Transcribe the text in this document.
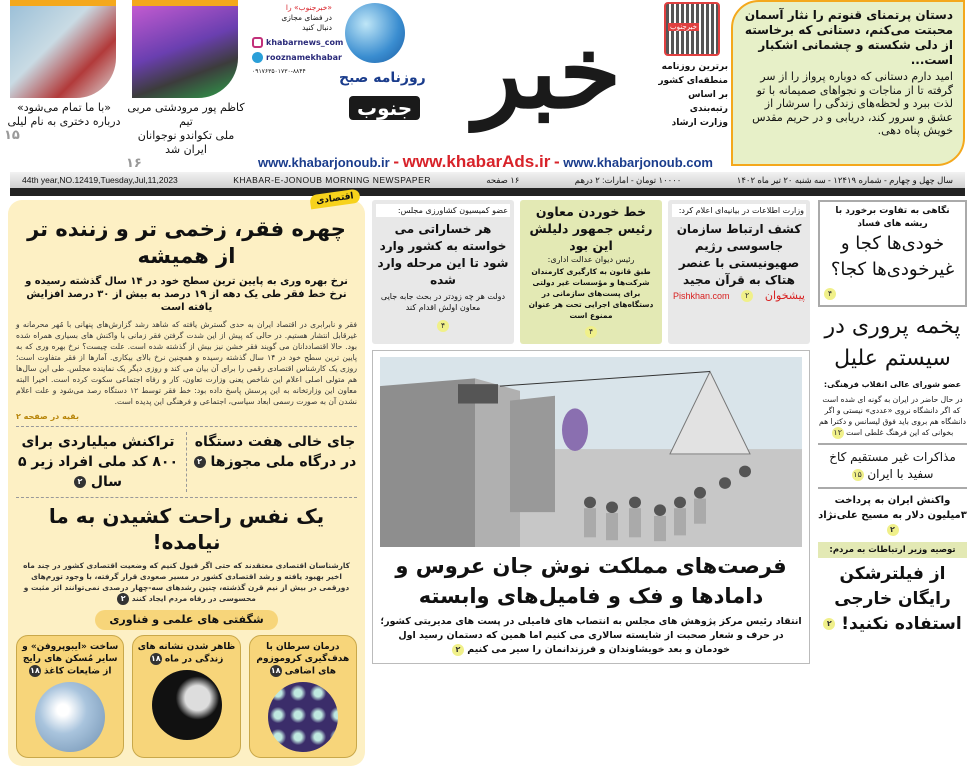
«با ما تمام می‌شود»
درباره دختری به نام لیلی
۱۵
کاظم پور مرودشتی مربی تیم
ملی تکواندو نوجوانان ایران شد
۱۶
«خبرجنوب» را
در فضای مجازی
دنبال کنید
khabarnews_com
rooznamekhabar
۰۹۱۷۶۳۵۰۱۷۳۰-۸۸۴۴	روزنامه صبح
جنوب خبر
www.khabarjonoub.ir - www.khabarAds.ir - www.khabarjonoub.com
خبرجنوب
برترین روزنامه
منطقه‌ای کشور
بر اساس
رتبه‌بندی
وزارت ارشاد
دستان پرتمنای قنوتم را نثار آسمان محبتت می‌کنم، دستانی که برخاسته از دلی شکسته و چشمانی اشکبار است...
امید دارم دستانی که دوباره پرواز را از سر گرفته تا از مناجات و نجواهای صمیمانه با تو لذت ببرد و لحظه‌های زندگی را سرشار از عشق و سرور کند، دریابی و در حریم مقدس خویش پناه دهی.
44th year,NO.12419,Tuesday,Jul,11,2023	KHABAR-E-JONOUB MORNING NEWSPAPER	۱۶ صفحه	۱۰۰۰۰ تومان - امارات: ۲ درهم	سال چهل و چهارم - شماره ۱۲۴۱۹ - سه شنبه ۲۰ تیر ماه ۱۴۰۲
چهره فقر، زخمی تر و زننده تر از همیشه
نرخ بهره وری به پایین ترین سطح خود در ۱۴ سال گذشته رسیده و نرخ خط فقر طی یک دهه از ۱۹ درصد به بیش از ۳۰ درصد افزایش یافته است
فقر و نابرابری در اقتصاد ایران به حدی گسترش یافته که شاهد رشد گزارش‌های پنهانی با مُهر محرمانه و غیرقابل انتشار هستیم. در حالی که پیش از این شدت گرفتن فقر زمانی با واکنش های بسیاری همراه شده بود. حالا اقتصاددانان می گویند فقر خشن نیز بیش از گذشته شده است. علت چیست؟ نرخ بهره وری که به پایین ترین سطح خود در ۱۴ سال گذشته رسیده و همچنین نرخ بالای بیکاری. آمارها از فقر متفاوت است؛ روزی یک کارشناس اقتصادی رقمی را برای آن بیان می کند و روزی دیگر یک نماینده مجلس. طی این سال‌ها هم متولی اصلی اعلام این شاخص یعنی وزارت تعاون، کار و رفاه اجتماعی سکوت کرده است. اخیرا البته معاون این وزارتخانه به این پرسش پاسخ داده بود: خط فقر توسط ۱۲ دستگاه رصد می‌شود و علت اعلام نشدن آن به صورت رسمی ابعاد سیاسی، اجتماعی و فرهنگی این پدیده است.
بقیه در صفحه ۲
تراکنش میلیاردی برای ۸۰۰ کد ملی افراد زیر ۵ سال ۲
جای خالی هفت دستگاه در درگاه ملی مجوزها ۲
یک نفس راحت کشیدن به ما نیامده!
کارشناسان اقتصادی معتقدند که حتی اگر قبول کنیم که وضعیت اقتصادی کشور در چند ماه اخیر بهبود یافته و رشد اقتصادی کشور در مسیر صعودی قرار گرفته، با وجود تورم‌های دورقمی در بیش از نیم قرن گذشته، چنین رشدهای سه-چهار درصدی نمی‌توانند اثر مثبت و محسوسی در رفاه مردم ایجاد کنند ۲
شگفتی های علمی و فناوری
ساخت «ایبوپروفن» و سایر مُسکن های رایج از ضایعات کاغذ ۱۸
ظاهر شدن نشانه های زندگی در ماه ۱۸
درمان سرطان با هدف‌گیری کروموزوم های اضافی ۱۸
اقتصادی
عضو کمیسیون کشاورزی مجلس:
هر خساراتی می خواسته به کشور وارد شود تا این مرحله وارد شده
دولت هر چه زودتر در بحث جابه جایی معاون اولش اقدام کند
۴
خط خوردن معاون رئیس جمهور دلیلش این بود
رئیس دیوان عدالت اداری:
طبق قانون به کارگیری کارمندان شرکت‌ها و مؤسسات غیر دولتی برای پست‌های سازمانی در دستگاه‌های اجرایی تحت هر عنوان ممنوع است
۴
وزارت اطلاعات در بیانیه‌ای اعلام کرد:
کشف ارتباط سازمان جاسوسی رژیم صهیونیستی با عنصر هتاک به قرآن مجید
Pishkhan.com	۲	پیشخوان
فرصت‌های مملکت نوش جان عروس و دامادها و فک و فامیل‌های وابسته
انتقاد رئیس مرکز پژوهش های مجلس به انتصاب های فامیلی در پست های مدیریتی کشور؛ در حرف و شعار صحبت از شایسته سالاری می کنیم اما همین که دستمان رسید اول خودمان و بعد خویشاوندان و فرزندانمان را سیر می کنیم ۲
نگاهی به تفاوت برخورد با ریشه های فساد
خودی‌ها کجا و غیرخودی‌ها کجا؟
۴
پخمه پروری در سیستم علیل
عضو شورای عالی انقلاب فرهنگی:
در حال حاضر در ایران به گونه ای شده است که اگر دانشگاه نروی «عددی» نیستی و اگر دانشگاه هم بروی باید فوق لیسانس و دکترا هم بخوانی که این فرهنگ غلطی است ۱۲
مذاکرات غیر مستقیم کاخ سفید با ایران ۱۵
واکنش ایران به پرداخت ۳میلیون دلار به مسیح علی‌نژاد ۲
توصیه وزیر ارتباطات به مردم:
از فیلترشکن رایگان خارجی استفاده نکنید! ۲
